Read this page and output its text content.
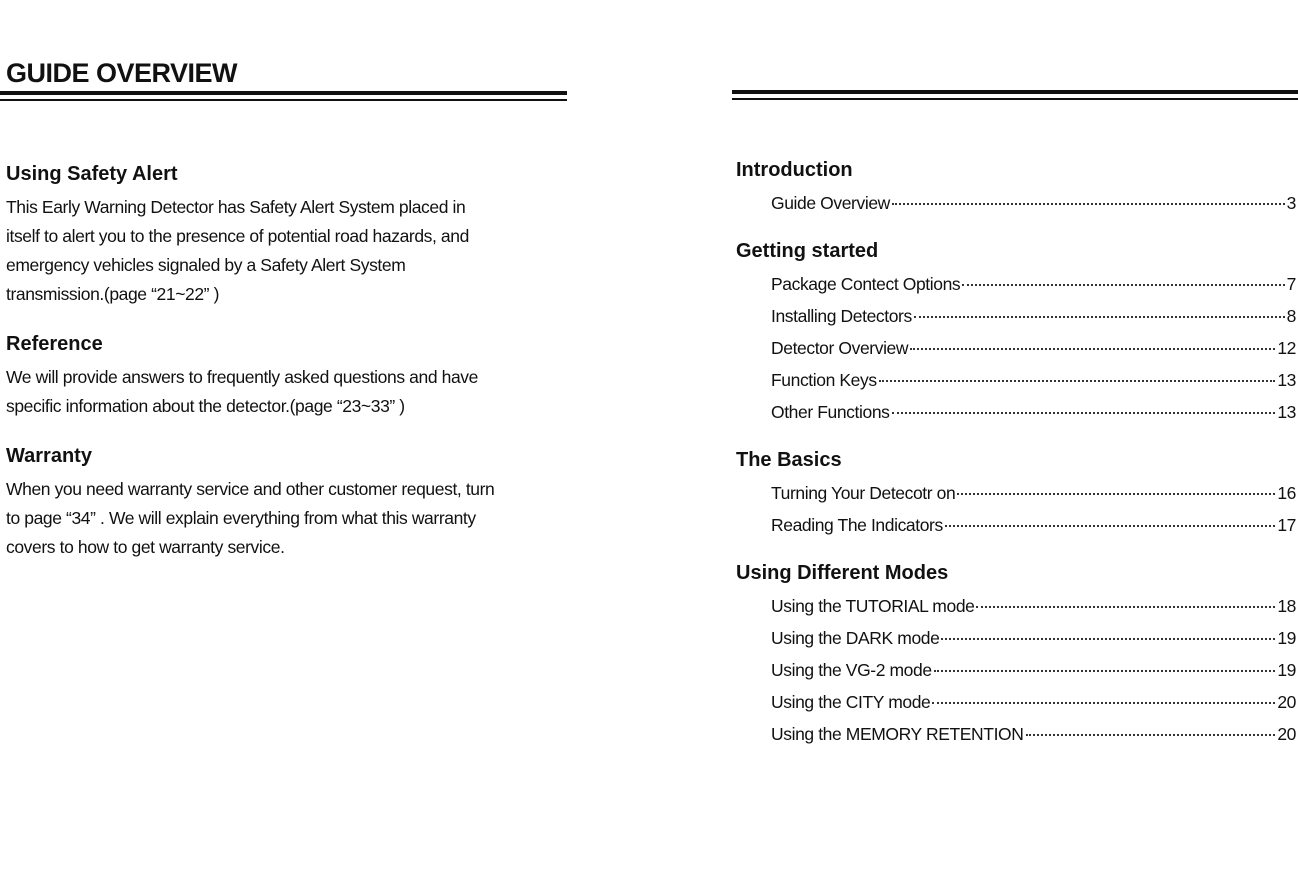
GUIDE OVERVIEW
Using Safety Alert

This Early Warning Detector has Safety Alert System placed in
itself to alert you to the presence of potential road hazards, and
emergency vehicles signaled by a Safety Alert System
transmission.(page “21~22” )

Reference

We will provide answers to frequently asked questions and have
specific information about the detector.(page “23~33” )

Warranty

When you need warranty service and other customer request, turn
to page “34” . We will explain everything from what this warranty
covers to how to get warranty service.

Introduction
Guide Overview	3
Getting started
Package Contect Options	7
Installing Detectors	8
Detector Overview	12
Function Keys	13
Other Functions	13
The Basics
Turning Your Detecotr on	16
Reading The Indicators	17
Using Different Modes
Using the TUTORIAL mode	18
Using the DARK mode	19
Using the VG-2 mode	19
Using the CITY mode	20
Using the MEMORY RETENTION	20
